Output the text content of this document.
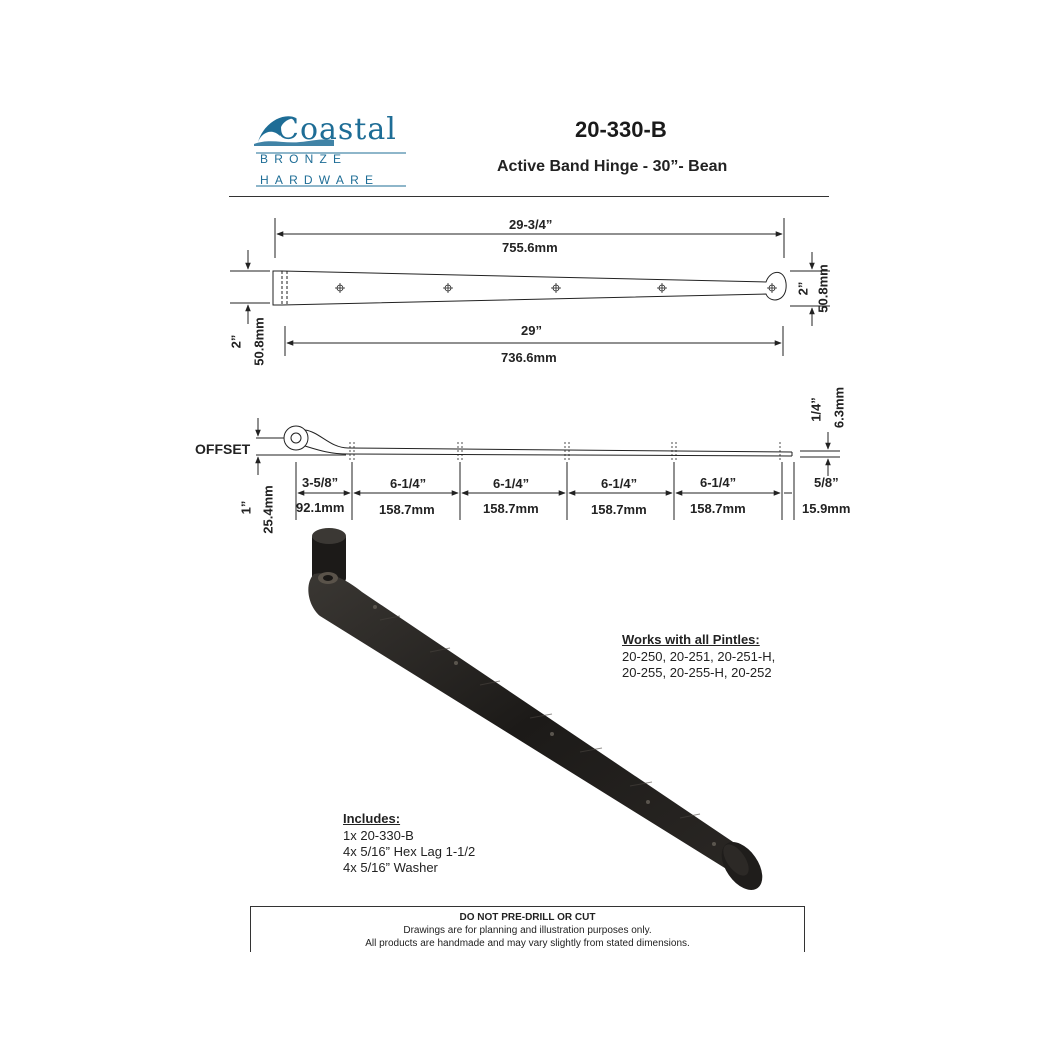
Coastal
BRONZE
HARDWARE
20-330-B
Active Band Hinge - 30”- Bean
29-3/4”
755.6mm
29”
736.6mm
2” 50.8mm
2” 50.8mm
1/4” 6.3mm
OFFSET
1” 25.4mm
3-5/8”
92.1mm
6-1/4”
158.7mm
6-1/4”
158.7mm
6-1/4”
158.7mm
6-1/4”
158.7mm
5/8”
15.9mm
Works with all Pintles:
20-250, 20-251, 20-251-H,
20-255, 20-255-H, 20-252
Includes:
1x 20-330-B
4x 5/16” Hex Lag 1-1/2
4x 5/16” Washer
DO NOT PRE-DRILL OR CUT
Drawings are for planning and illustration purposes only.
All products are handmade and may vary slightly from stated dimensions.
